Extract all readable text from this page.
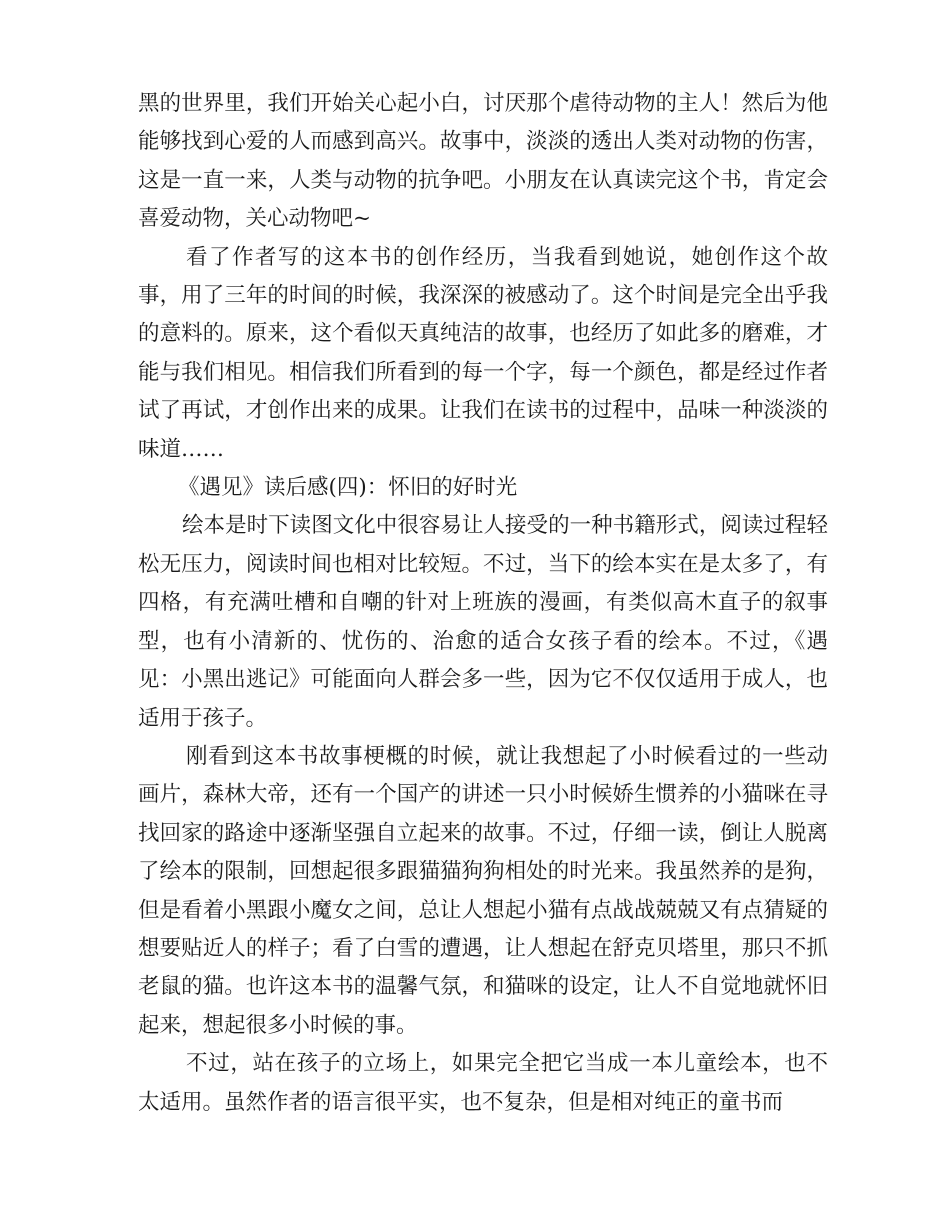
黑的世界里，我们开始关心起小白，讨厌那个虐待动物的主人！然后为他能够找到心爱的人而感到高兴。故事中，淡淡的透出人类对动物的伤害，这是一直一来，人类与动物的抗争吧。小朋友在认真读完这个书，肯定会喜爱动物，关心动物吧~

看了作者写的这本书的创作经历，当我看到她说，她创作这个故事，用了三年的时间的时候，我深深的被感动了。这个时间是完全出乎我的意料的。原来，这个看似天真纯洁的故事，也经历了如此多的磨难，才能与我们相见。相信我们所看到的每一个字，每一个颜色，都是经过作者试了再试，才创作出来的成果。让我们在读书的过程中，品味一种淡淡的味道……

《遇见》读后感(四)：怀旧的好时光

绘本是时下读图文化中很容易让人接受的一种书籍形式，阅读过程轻松无压力，阅读时间也相对比较短。不过，当下的绘本实在是太多了，有四格，有充满吐槽和自嘲的针对上班族的漫画，有类似高木直子的叙事型，也有小清新的、忧伤的、治愈的适合女孩子看的绘本。不过，《遇见：小黑出逃记》可能面向人群会多一些，因为它不仅仅适用于成人，也适用于孩子。

刚看到这本书故事梗概的时候，就让我想起了小时候看过的一些动画片，森林大帝，还有一个国产的讲述一只小时候娇生惯养的小猫咪在寻找回家的路途中逐渐坚强自立起来的故事。不过，仔细一读，倒让人脱离了绘本的限制，回想起很多跟猫猫狗狗相处的时光来。我虽然养的是狗，但是看着小黑跟小魔女之间，总让人想起小猫有点战战兢兢又有点猜疑的想要贴近人的样子；看了白雪的遭遇，让人想起在舒克贝塔里，那只不抓老鼠的猫。也许这本书的温馨气氛，和猫咪的设定，让人不自觉地就怀旧起来，想起很多小时候的事。

不过，站在孩子的立场上，如果完全把它当成一本儿童绘本，也不太适用。虽然作者的语言很平实，也不复杂，但是相对纯正的童书而
